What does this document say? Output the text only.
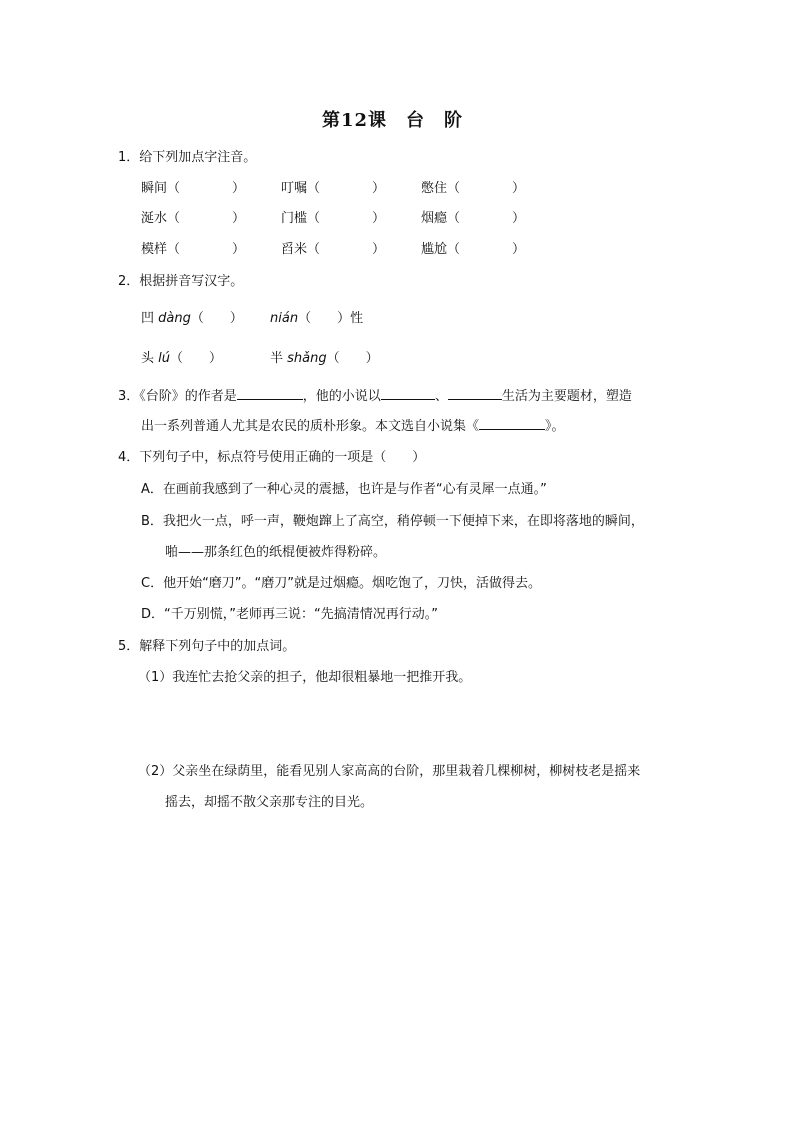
第12课　台　阶
1．给下列加点字注音。
瞬间（　　　　）	叮嘱（　　　　）	憋住（　　　　）
涎水（　　　　）	门槛（　　　　）	烟瘾（　　　　）
模样（　　　　）	舀米（　　　　）	尴尬（　　　　）
2．根据拼音写汉字。
凹 dàng（　　） nián（　　）性
头 lú（　　）	半 shǎng（　　）
3．《台阶》的作者是	，他的小说以	、	生活为主要题材，塑造
出一系列普通人尤其是农民的质朴形象。本文选自小说集《	》。
4．下列句子中，标点符号使用正确的一项是（　　）
A．在画前我感到了一种心灵的震撼，也许是与作者“心有灵犀一点通。”
B．我把火一点，呼一声，鞭炮蹿上了高空，稍停顿一下便掉下来，在即将落地的瞬间，
啪——那条红色的纸棍便被炸得粉碎。
C．他开始“磨刀”。“磨刀”就是过烟瘾。烟吃饱了，刀快，活做得去。
D．“千万别慌，”老师再三说：“先搞清情况再行动。”
5．解释下列句子中的加点词。
（1）我连忙去抢父亲的担子，他却很粗暴地一把推开我。
（2）父亲坐在绿荫里，能看见别人家高高的台阶，那里栽着几棵柳树，柳树枝老是摇来
摇去，却摇不散父亲那专注的目光。
